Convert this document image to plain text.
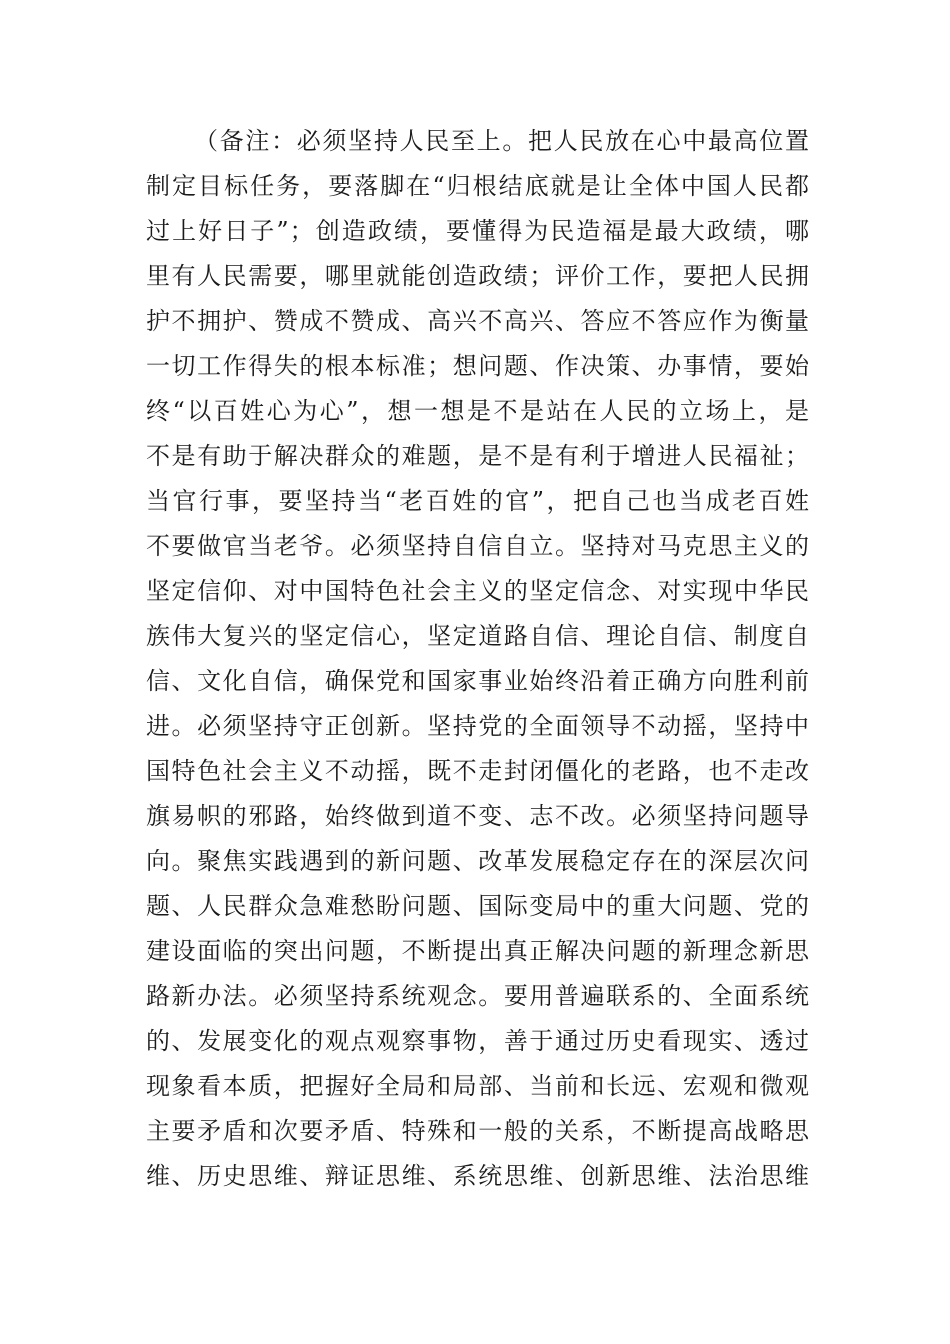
（备注：必须坚持人民至上。把人民放在心中最高位置
制定目标任务，要落脚在“归根结底就是让全体中国人民都
过上好日子”；创造政绩，要懂得为民造福是最大政绩，哪
里有人民需要，哪里就能创造政绩；评价工作，要把人民拥
护不拥护、赞成不赞成、高兴不高兴、答应不答应作为衡量
一切工作得失的根本标准；想问题、作决策、办事情，要始
终“以百姓心为心”，想一想是不是站在人民的立场上，是
不是有助于解决群众的难题，是不是有利于增进人民福祉；
当官行事，要坚持当“老百姓的官”，把自己也当成老百姓
不要做官当老爷。必须坚持自信自立。坚持对马克思主义的
坚定信仰、对中国特色社会主义的坚定信念、对实现中华民
族伟大复兴的坚定信心，坚定道路自信、理论自信、制度自
信、文化自信，确保党和国家事业始终沿着正确方向胜利前
进。必须坚持守正创新。坚持党的全面领导不动摇，坚持中
国特色社会主义不动摇，既不走封闭僵化的老路，也不走改
旗易帜的邪路，始终做到道不变、志不改。必须坚持问题导
向。聚焦实践遇到的新问题、改革发展稳定存在的深层次问
题、人民群众急难愁盼问题、国际变局中的重大问题、党的
建设面临的突出问题，不断提出真正解决问题的新理念新思
路新办法。必须坚持系统观念。要用普遍联系的、全面系统
的、发展变化的观点观察事物，善于通过历史看现实、透过
现象看本质，把握好全局和局部、当前和长远、宏观和微观
主要矛盾和次要矛盾、特殊和一般的关系，不断提高战略思
维、历史思维、辩证思维、系统思维、创新思维、法治思维
